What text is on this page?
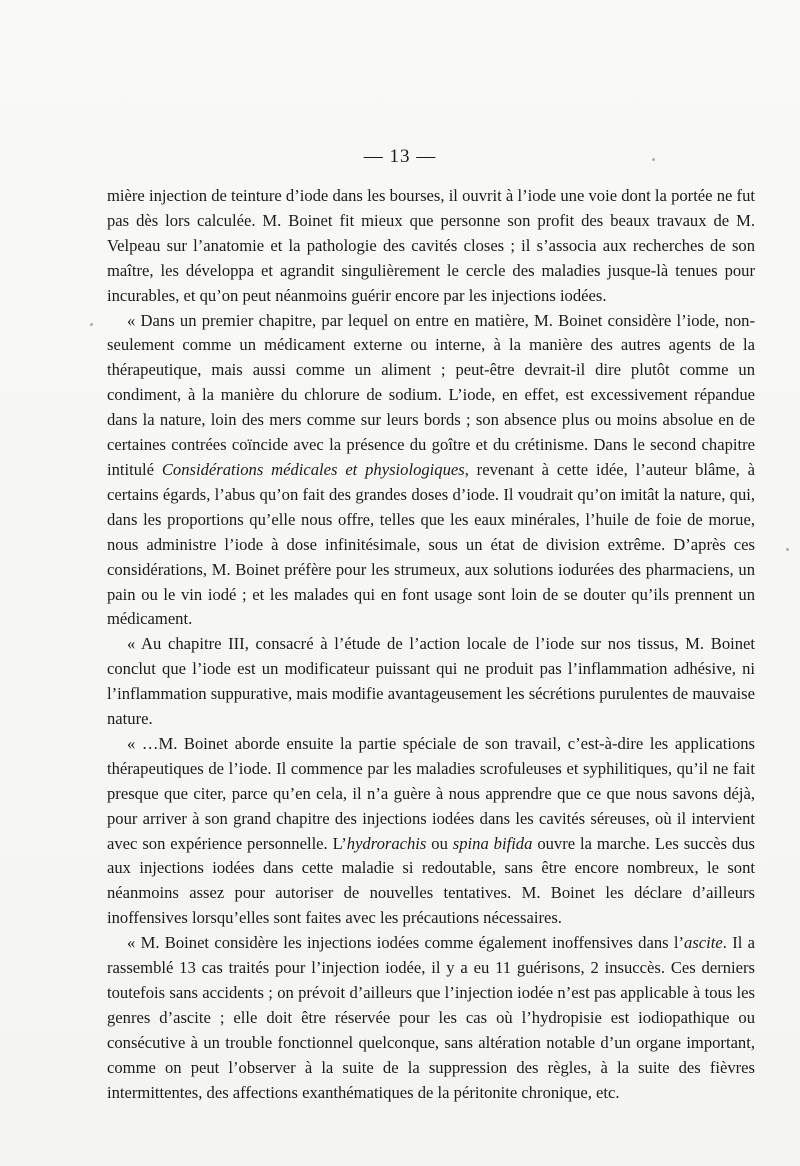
— 13 —

mière injection de teinture d’iode dans les bourses, il ouvrit à l’iode une voie dont la portée ne fut pas dès lors calculée. M. Boinet fit mieux que personne son profit des beaux travaux de M. Velpeau sur l’anatomie et la pathologie des cavités closes ; il s’associa aux recherches de son maître, les développa et agrandit singulièrement le cercle des maladies jusque-là tenues pour incurables, et qu’on peut néanmoins guérir encore par les injections iodées.

« Dans un premier chapitre, par lequel on entre en matière, M. Boinet considère l’iode, non-seulement comme un médicament externe ou interne, à la manière des autres agents de la thérapeutique, mais aussi comme un aliment ; peut-être devrait-il dire plutôt comme un condiment, à la manière du chlorure de sodium. L’iode, en effet, est excessivement répandue dans la nature, loin des mers comme sur leurs bords ; son absence plus ou moins absolue en de certaines contrées coïncide avec la présence du goître et du crétinisme. Dans le second chapitre intitulé Considérations médicales et physiologiques, revenant à cette idée, l’auteur blâme, à certains égards, l’abus qu’on fait des grandes doses d’iode. Il voudrait qu’on imitât la nature, qui, dans les proportions qu’elle nous offre, telles que les eaux minérales, l’huile de foie de morue, nous administre l’iode à dose infinitésimale, sous un état de division extrême. D’après ces considérations, M. Boinet préfère pour les strumeux, aux solutions iodurées des pharmaciens, un pain ou le vin iodé ; et les malades qui en font usage sont loin de se douter qu’ils prennent un médicament.

« Au chapitre III, consacré à l’étude de l’action locale de l’iode sur nos tissus, M. Boinet conclut que l’iode est un modificateur puissant qui ne produit pas l’inflammation adhésive, ni l’inflammation suppurative, mais modifie avantageusement les sécrétions purulentes de mauvaise nature.

« …M. Boinet aborde ensuite la partie spéciale de son travail, c’est-à-dire les applications thérapeutiques de l’iode. Il commence par les maladies scrofuleuses et syphilitiques, qu’il ne fait presque que citer, parce qu’en cela, il n’a guère à nous apprendre que ce que nous savons déjà, pour arriver à son grand chapitre des injections iodées dans les cavités séreuses, où il intervient avec son expérience personnelle. L’hydrorachis ou spina bifida ouvre la marche. Les succès dus aux injections iodées dans cette maladie si redoutable, sans être encore nombreux, le sont néanmoins assez pour autoriser de nouvelles tentatives. M. Boinet les déclare d’ailleurs inoffensives lorsqu’elles sont faites avec les précautions nécessaires.

« M. Boinet considère les injections iodées comme également inoffensives dans l’ascite. Il a rassemblé 13 cas traités pour l’injection iodée, il y a eu 11 guérisons, 2 insuccès. Ces derniers toutefois sans accidents ; on prévoit d’ailleurs que l’injection iodée n’est pas applicable à tous les genres d’ascite ; elle doit être réservée pour les cas où l’hydropisie est iodiopathique ou consécutive à un trouble fonctionnel quelconque, sans altération notable d’un organe important, comme on peut l’observer à la suite de la suppression des règles, à la suite des fièvres intermittentes, des affections exanthématiques de la péritonite chronique, etc.
